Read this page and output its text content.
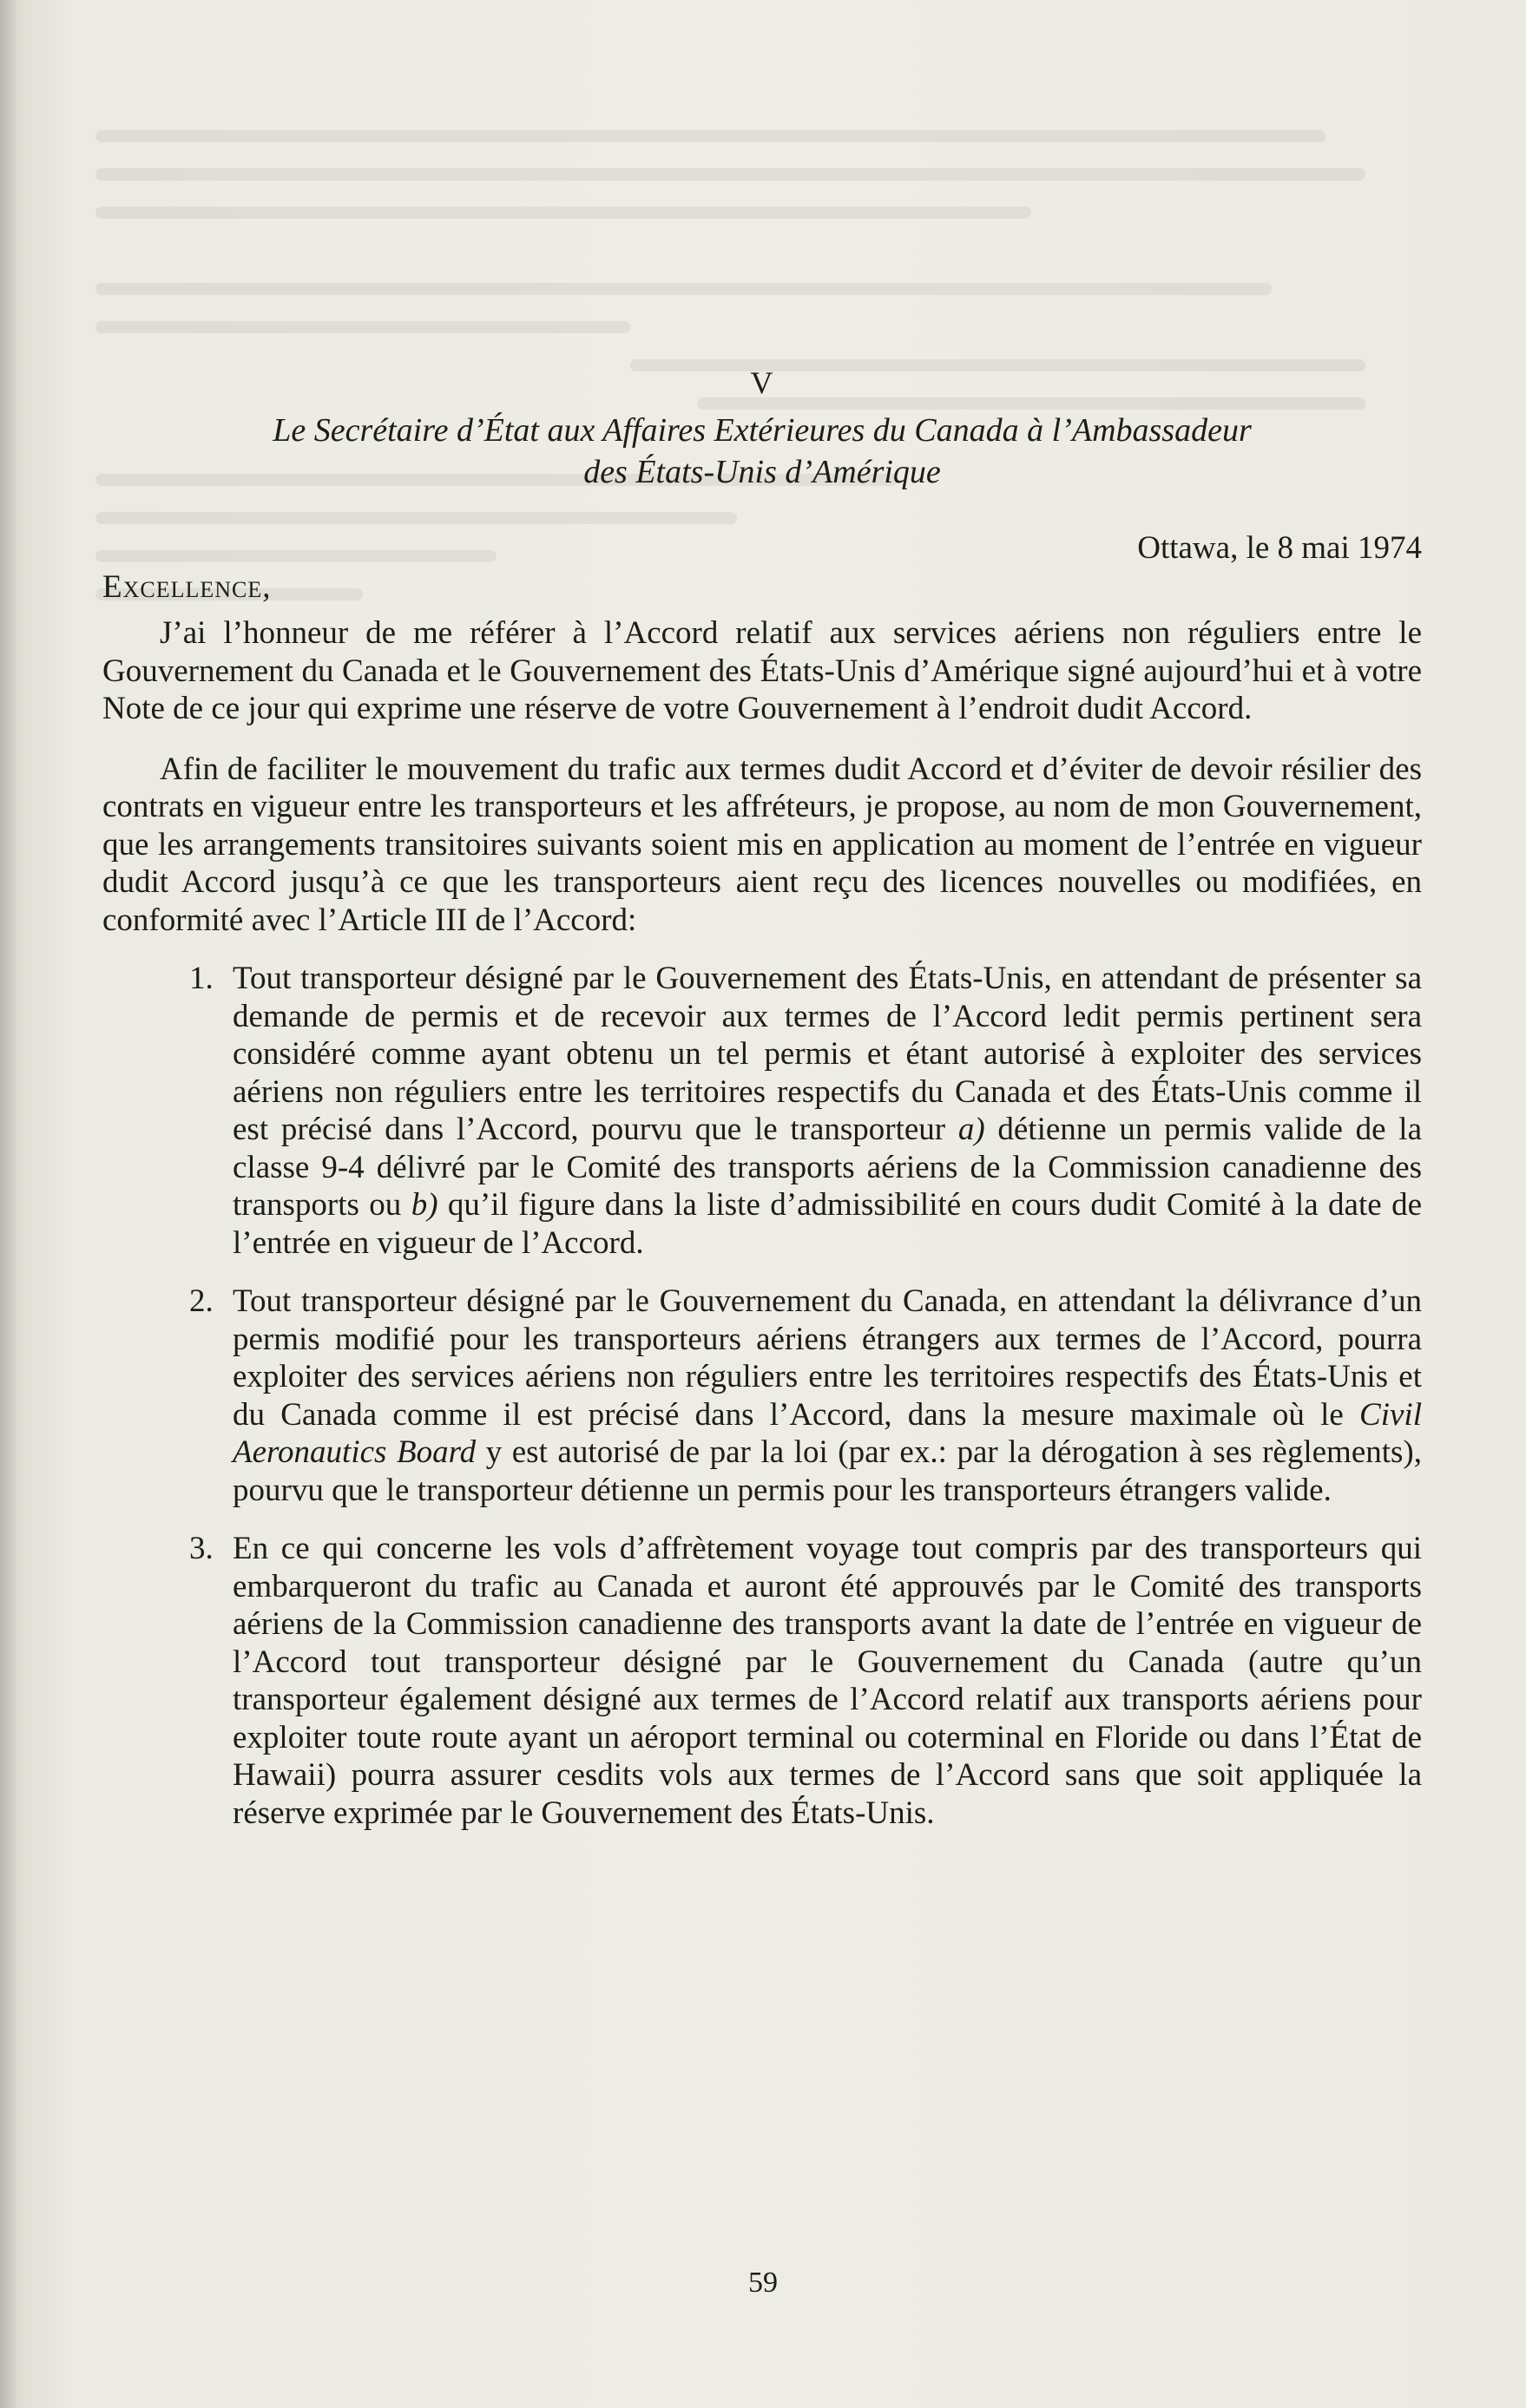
V

Le Secrétaire d’État aux Affaires Extérieures du Canada à l’Ambassadeur

des États-Unis d’Amérique

Ottawa, le 8 mai 1974

Excellence,

J’ai l’honneur de me référer à l’Accord relatif aux services aériens non réguliers entre le Gouvernement du Canada et le Gouvernement des États-Unis d’Amérique signé aujourd’hui et à votre Note de ce jour qui exprime une réserve de votre Gouvernement à l’endroit dudit Accord.

Afin de faciliter le mouvement du trafic aux termes dudit Accord et d’éviter de devoir résilier des contrats en vigueur entre les transporteurs et les affréteurs, je propose, au nom de mon Gouvernement, que les arrangements transitoires suivants soient mis en application au moment de l’entrée en vigueur dudit Accord jusqu’à ce que les transporteurs aient reçu des licences nouvelles ou modifiées, en conformité avec l’Article III de l’Accord:

1. Tout transporteur désigné par le Gouvernement des États-Unis, en attendant de présenter sa demande de permis et de recevoir aux termes de l’Accord ledit permis pertinent sera considéré comme ayant obtenu un tel permis et étant autorisé à exploiter des services aériens non réguliers entre les territoires respectifs du Canada et des États-Unis comme il est précisé dans l’Accord, pourvu que le transporteur a) détienne un permis valide de la classe 9-4 délivré par le Comité des transports aériens de la Commission canadienne des transports ou b) qu’il figure dans la liste d’admissibilité en cours dudit Comité à la date de l’entrée en vigueur de l’Accord.
2. Tout transporteur désigné par le Gouvernement du Canada, en attendant la délivrance d’un permis modifié pour les transporteurs aériens étrangers aux termes de l’Accord, pourra exploiter des services aériens non réguliers entre les territoires respectifs des États-Unis et du Canada comme il est précisé dans l’Accord, dans la mesure maximale où le Civil Aeronautics Board y est autorisé de par la loi (par ex.: par la dérogation à ses règlements), pourvu que le transporteur détienne un permis pour les transporteurs étrangers valide.
3. En ce qui concerne les vols d’affrètement voyage tout compris par des transporteurs qui embarqueront du trafic au Canada et auront été approuvés par le Comité des transports aériens de la Commission canadienne des transports avant la date de l’entrée en vigueur de l’Accord tout transporteur désigné par le Gouvernement du Canada (autre qu’un transporteur également désigné aux termes de l’Accord relatif aux transports aériens pour exploiter toute route ayant un aéroport terminal ou coterminal en Floride ou dans l’État de Hawaii) pourra assurer cesdits vols aux termes de l’Accord sans que soit appliquée la réserve exprimée par le Gouvernement des États-Unis.
59
